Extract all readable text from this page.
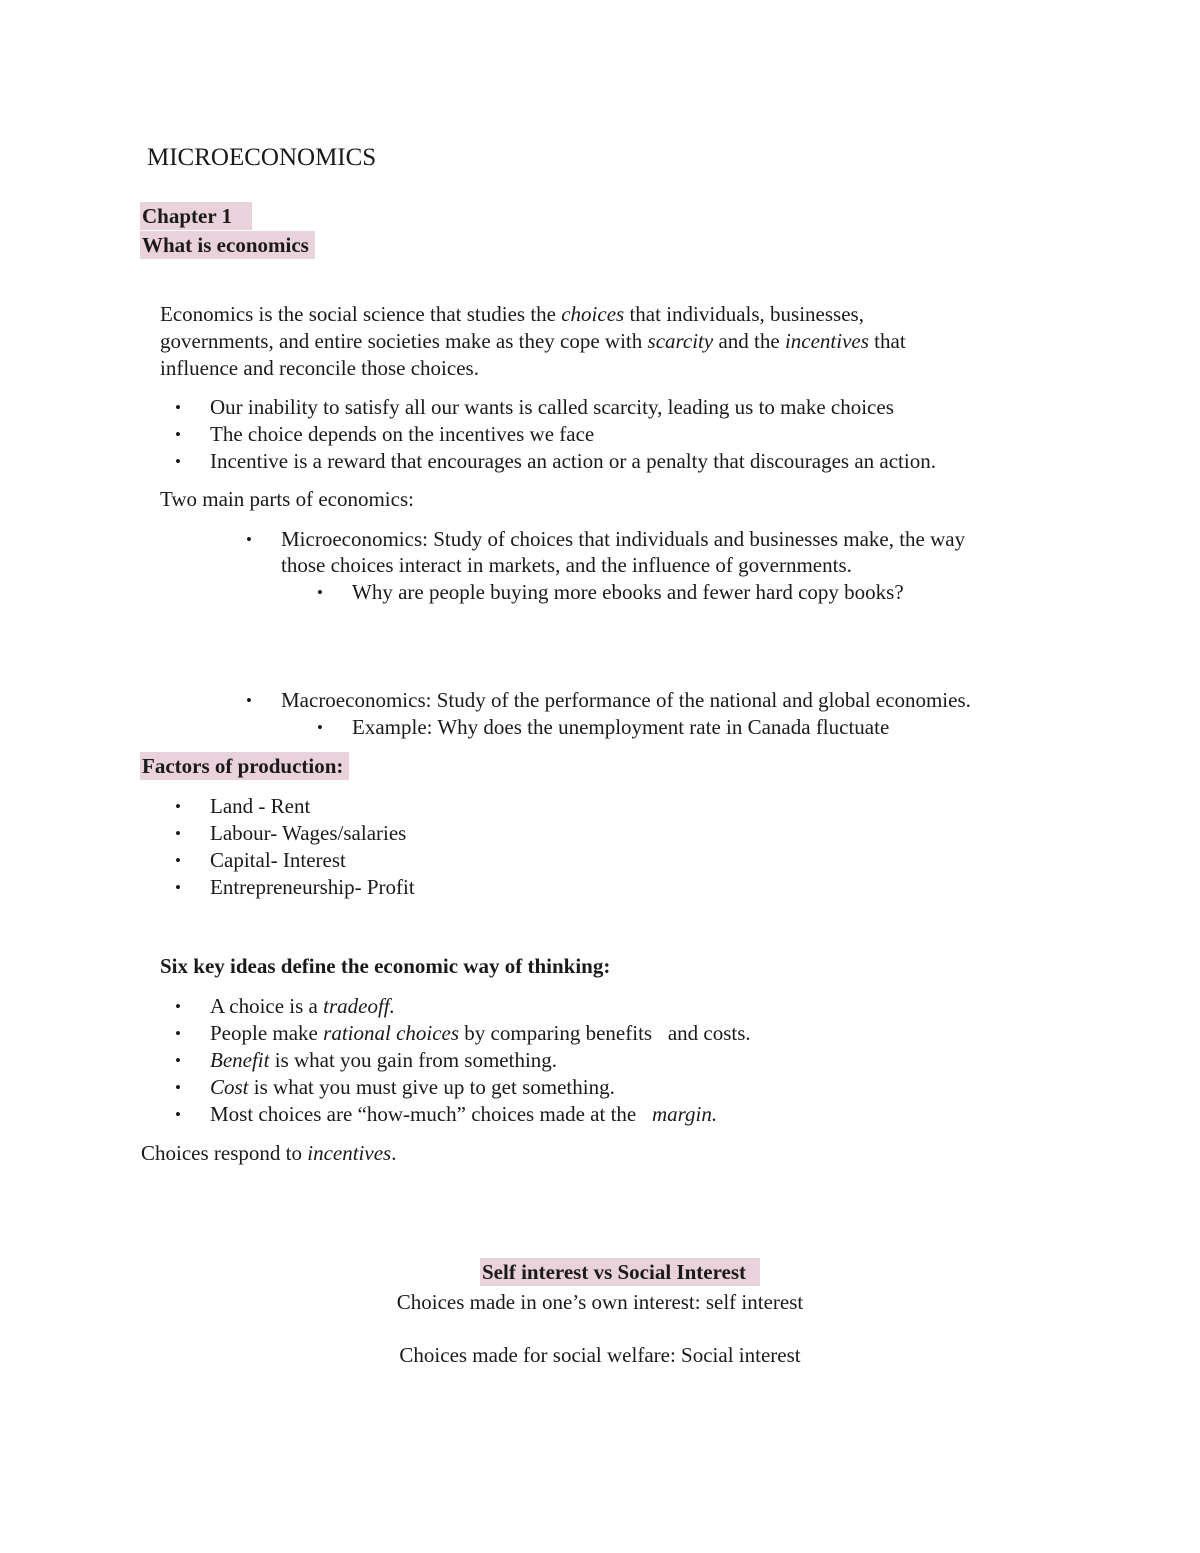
MICROECONOMICS
Chapter 1
What is economics
Economics is the social science that studies the choices that individuals, businesses,
governments, and entire societies make as they cope with scarcity and the incentives that
influence and reconcile those choices.
• Our inability to satisfy all our wants is called scarcity, leading us to make choices
• The choice depends on the incentives we face
• Incentive is a reward that encourages an action or a penalty that discourages an action.
Two main parts of economics:
• Microeconomics: Study of choices that individuals and businesses make, the way
those choices interact in markets, and the influence of governments.
• Why are people buying more ebooks and fewer hard copy books?
• Macroeconomics: Study of the performance of the national and global economies.
• Example: Why does the unemployment rate in Canada fluctuate
Factors of production:
• Land - Rent
• Labour- Wages/salaries
• Capital- Interest
• Entrepreneurship- Profit
Six key ideas define the economic way of thinking:
• A choice is a tradeoff.
• People make rational choices by comparing benefits   and costs.
• Benefit is what you gain from something.
• Cost is what you must give up to get something.
• Most choices are “how-much” choices made at the   margin.
Choices respond to incentives.
Self interest vs Social Interest
Choices made in one’s own interest: self interest
Choices made for social welfare: Social interest
